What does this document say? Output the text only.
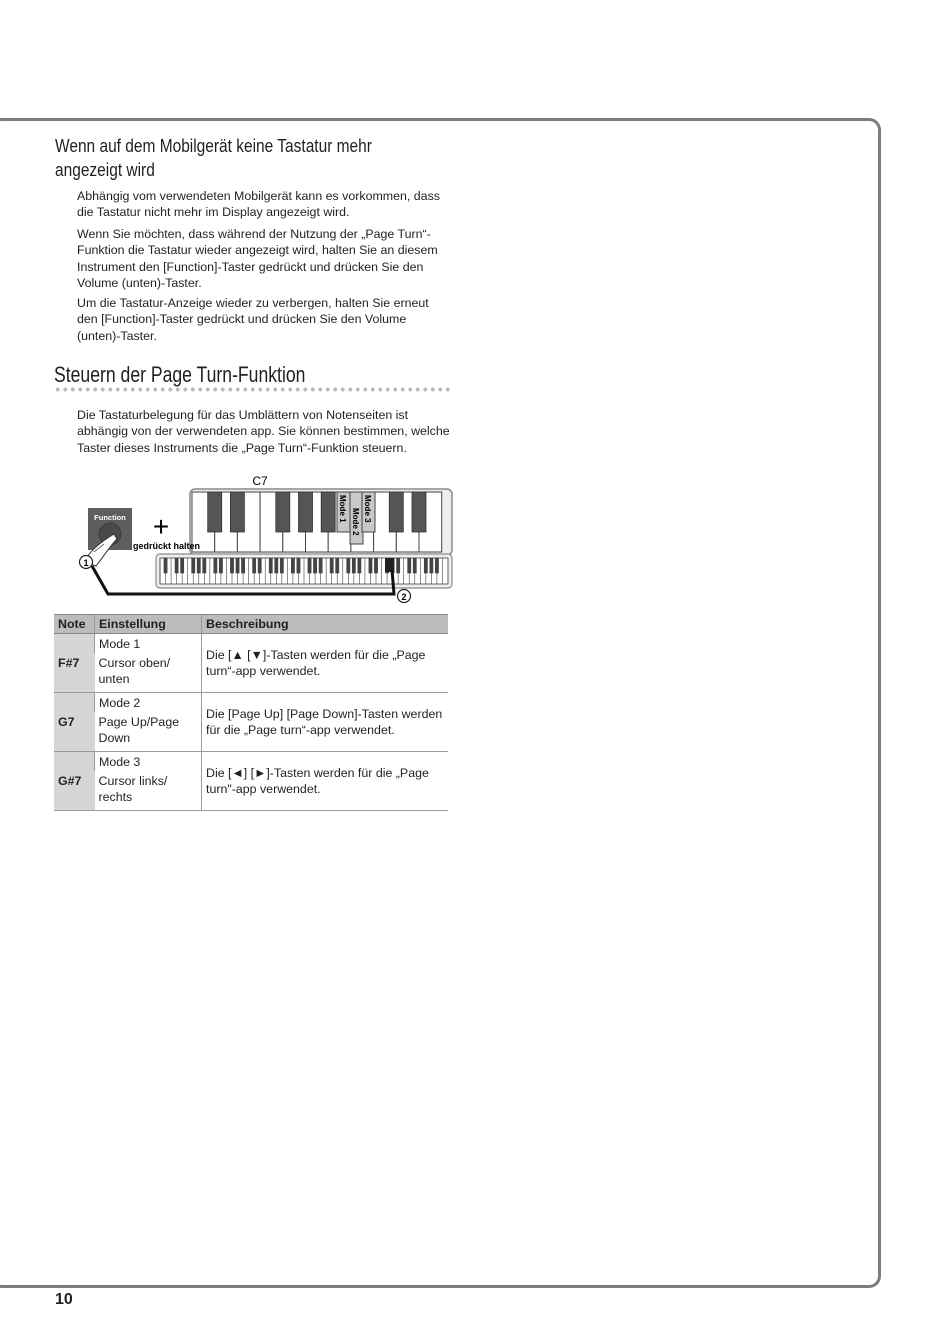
Wenn auf dem Mobilgerät keine Tastatur mehr angezeigt wird

Abhängig vom verwendeten Mobilgerät kann es vorkommen, dass die Tastatur nicht mehr im Display angezeigt wird.

Wenn Sie möchten, dass während der Nutzung der „Page Turn“-Funktion die Tastatur wieder angezeigt wird, halten Sie an diesem Instrument den [Function]-Taster gedrückt und drücken Sie den Volume (unten)-Taster.

Um die Tastatur-Anzeige wieder zu verbergen, halten Sie erneut den [Function]-Taster gedrückt und drücken Sie den Volume (unten)-Taster.

Steuern der Page Turn-Funktion

Die Tastaturbelegung für das Umblättern von Notenseiten ist abhängig von der verwendeten app. Sie können bestimmen, welche Taster dieses Instruments die „Page Turn“-Funktion steuern.

C7
Mode 1 Mode 2 Mode 3
Function +
gedrückt halten
1
2
Note	Einstellung	Beschreibung
F#7	Mode 1	Die [▲ [▼]-Tasten werden für die „Page turn“-app verwendet.
	Cursor oben/ unten	
G7	Mode 2	Die [Page Up] [Page Down]-Tasten werden für die „Page turn“-app verwendet.
	Page Up/Page Down	
G#7	Mode 3	Die [◄] [►]-Tasten werden für die „Page turn"-app verwendet.
	Cursor links/ rechts	

10
